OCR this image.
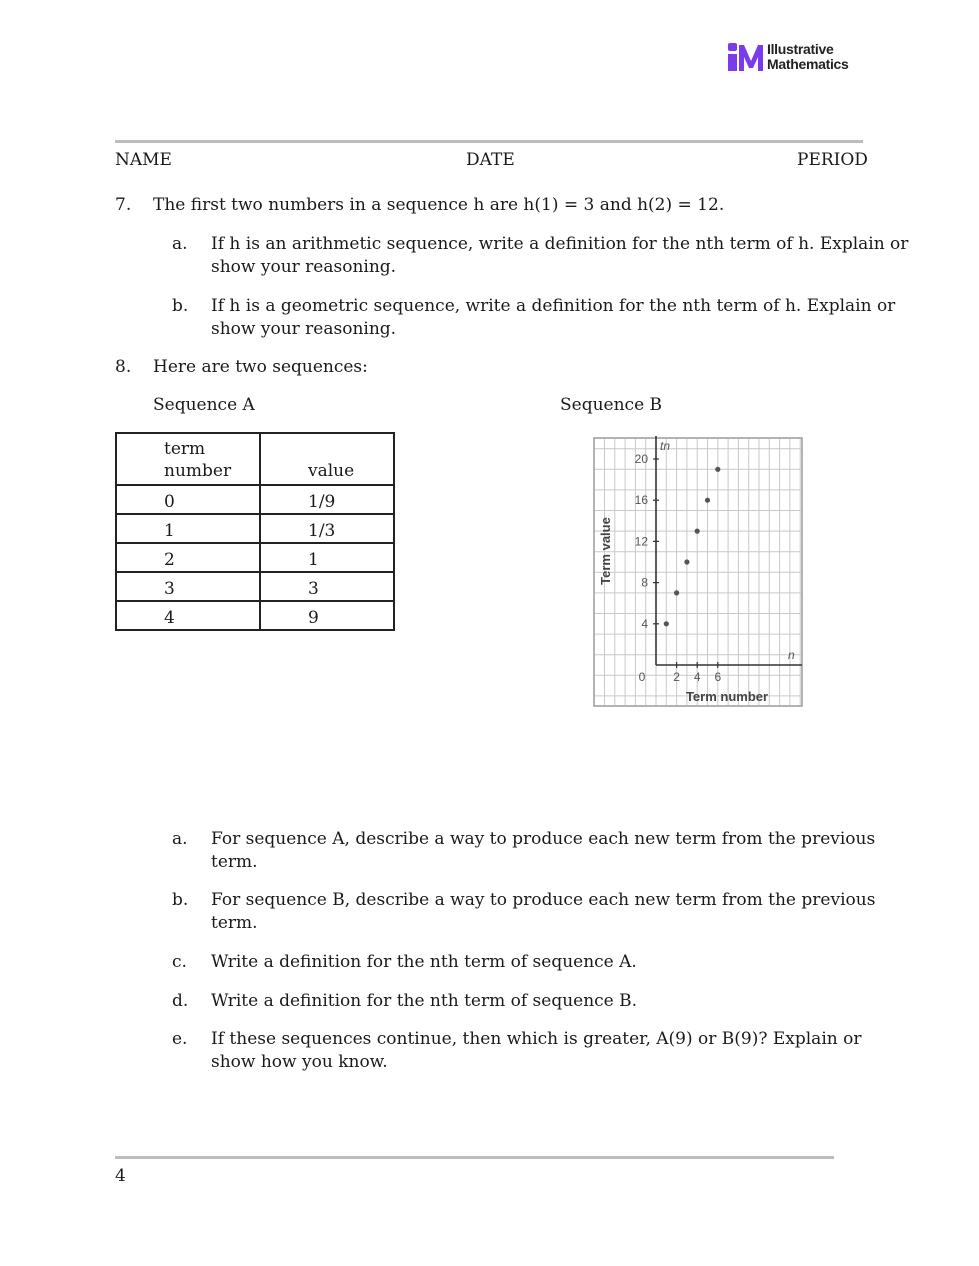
Illustrative
Mathematics
NAME	DATE	PERIOD
7. The first two numbers in a sequence h are h(1) = 3 and h(2) = 12.
a. If h is an arithmetic sequence, write a definition for the nth term of h. Explain or
show your reasoning.
b. If h is a geometric sequence, write a definition for the nth term of h. Explain or
show your reasoning.
8. Here are two sequences:
Sequence A	Sequence B
term
number	value
0	1/9
1	1/3
2	1
3	3
4	9	4
8
12
16
20
0 2 4 6
tn
n
Term number
Term value
a. For sequence A, describe a way to produce each new term from the previous
term.
b. For sequence B, describe a way to produce each new term from the previous
term.
c. Write a definition for the nth term of sequence A.
d. Write a definition for the nth term of sequence B.
e. If these sequences continue, then which is greater, A(9) or B(9)? Explain or
show how you know.
4
